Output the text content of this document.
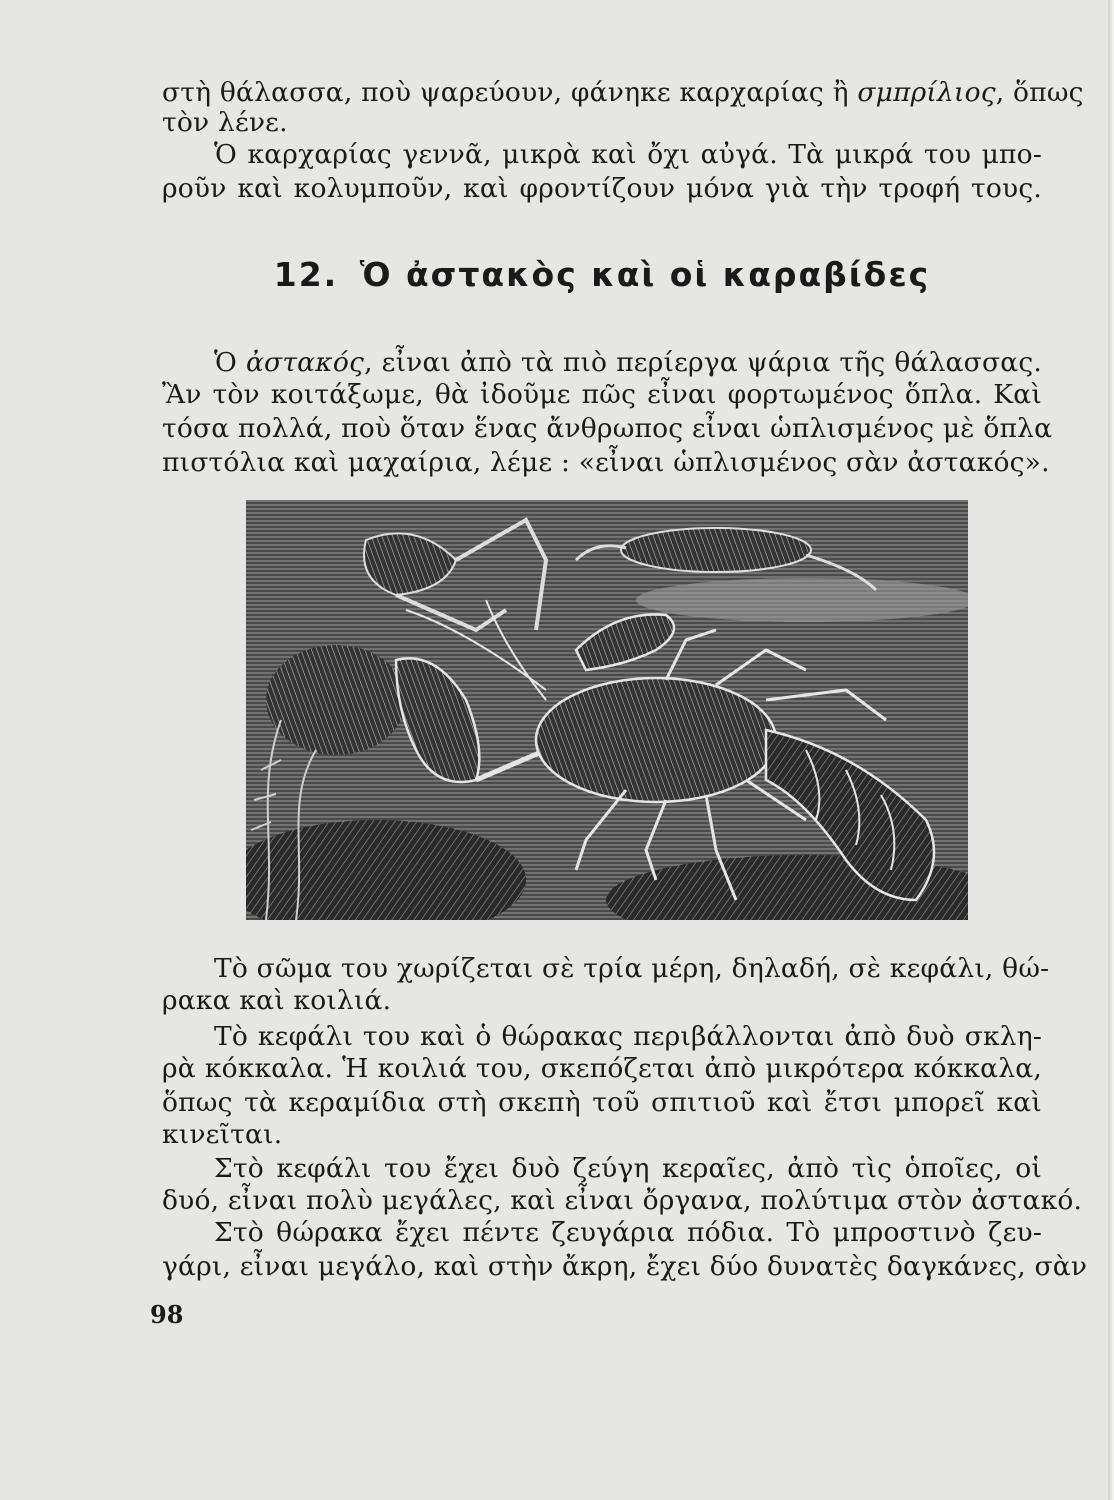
στὴ θάλασσα, ποὺ ψαρεύουν, φάνηκε καρχαρίας ἢ σμπρίλιος, ὅπως
τὸν λένε.
Ὁ καρχαρίας γεννᾶ, μικρὰ καὶ ὄχι αὐγά. Τὰ μικρά του μπο-
ροῦν καὶ κολυμποῦν, καὶ φροντίζουν μόνα γιὰ τὴν τροφή τους.
12. Ὁ ἀστακὸς καὶ οἱ καραβίδες
Ὁ ἀστακός, εἶναι ἀπὸ τὰ πιὸ περίεργα ψάρια τῆς θάλασσας.
Ἂν τὸν κοιτάξωμε, θὰ ἰδοῦμε πῶς εἶναι φορτωμένος ὅπλα. Καὶ
τόσα πολλά, ποὺ ὅταν ἕνας ἄνθρωπος εἶναι ὡπλισμένος μὲ ὅπλα
πιστόλια καὶ μαχαίρια, λέμε : «εἶναι ὡπλισμένος σὰν ἀστακός».
Τὸ σῶμα του χωρίζεται σὲ τρία μέρη, δηλαδή, σὲ κεφάλι, θώ-
ρακα καὶ κοιλιά.
Τὸ κεφάλι του καὶ ὁ θώρακας περιβάλλονται ἀπὸ δυὸ σκλη-
ρὰ κόκκαλα. Ἡ κοιλιά του, σκεπόζεται ἀπὸ μικρότερα κόκκαλα,
ὅπως τὰ κεραμίδια στὴ σκεπὴ τοῦ σπιτιοῦ καὶ ἔτσι μπορεῖ καὶ
κινεῖται.
Στὸ κεφάλι του ἔχει δυὸ ζεύγη κεραῖες, ἀπὸ τὶς ὁποῖες, οἱ
δυό, εἶναι πολὺ μεγάλες, καὶ εἶναι ὄργανα, πολύτιμα στὸν ἀστακό.
Στὸ θώρακα ἔχει πέντε ζευγάρια πόδια. Τὸ μπροστινὸ ζευ-
γάρι, εἶναι μεγάλο, καὶ στὴν ἄκρη, ἔχει δύο δυνατὲς δαγκάνες, σὰν
98
